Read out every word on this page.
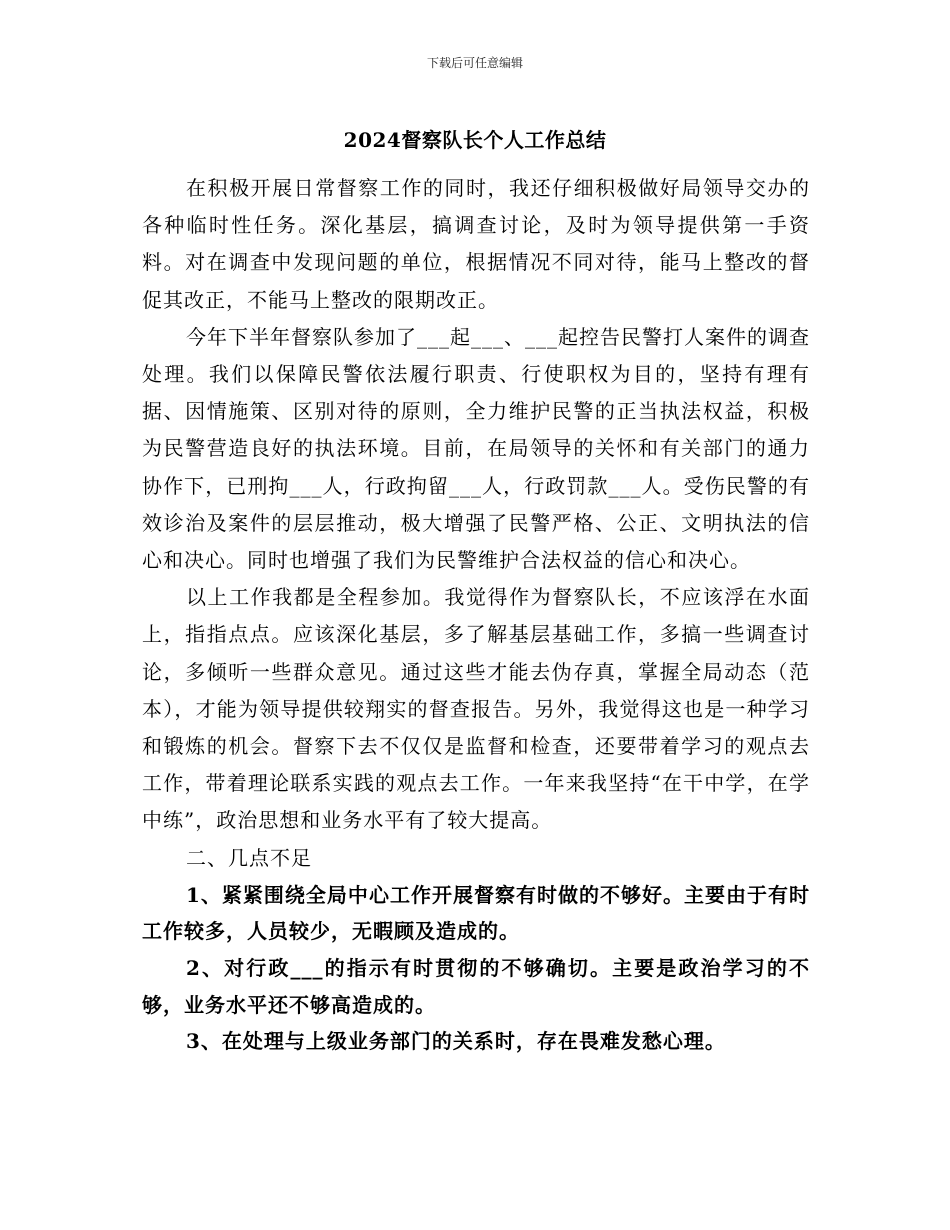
下载后可任意编辑
2024督察队长个人工作总结

在积极开展日常督察工作的同时，我还仔细积极做好局领导交办的各种临时性任务。深化基层，搞调查讨论，及时为领导提供第一手资料。对在调查中发现问题的单位，根据情况不同对待，能马上整改的督促其改正，不能马上整改的限期改正。

今年下半年督察队参加了___起___、___起控告民警打人案件的调查处理。我们以保障民警依法履行职责、行使职权为目的，坚持有理有据、因情施策、区别对待的原则，全力维护民警的正当执法权益，积极为民警营造良好的执法环境。目前，在局领导的关怀和有关部门的通力协作下，已刑拘___人，行政拘留___人，行政罚款___人。受伤民警的有效诊治及案件的层层推动，极大增强了民警严格、公正、文明执法的信心和决心。同时也增强了我们为民警维护合法权益的信心和决心。

以上工作我都是全程参加。我觉得作为督察队长，不应该浮在水面上，指指点点。应该深化基层，多了解基层基础工作，多搞一些调查讨论，多倾听一些群众意见。通过这些才能去伪存真，掌握全局动态（范本），才能为领导提供较翔实的督查报告。另外，我觉得这也是一种学习和锻炼的机会。督察下去不仅仅是监督和检查，还要带着学习的观点去工作，带着理论联系实践的观点去工作。一年来我坚持“在干中学，在学中练”，政治思想和业务水平有了较大提高。

二、几点不足

1、紧紧围绕全局中心工作开展督察有时做的不够好。主要由于有时工作较多，人员较少，无暇顾及造成的。

2、对行政___的指示有时贯彻的不够确切。主要是政治学习的不够，业务水平还不够高造成的。

3、在处理与上级业务部门的关系时，存在畏难发愁心理。
